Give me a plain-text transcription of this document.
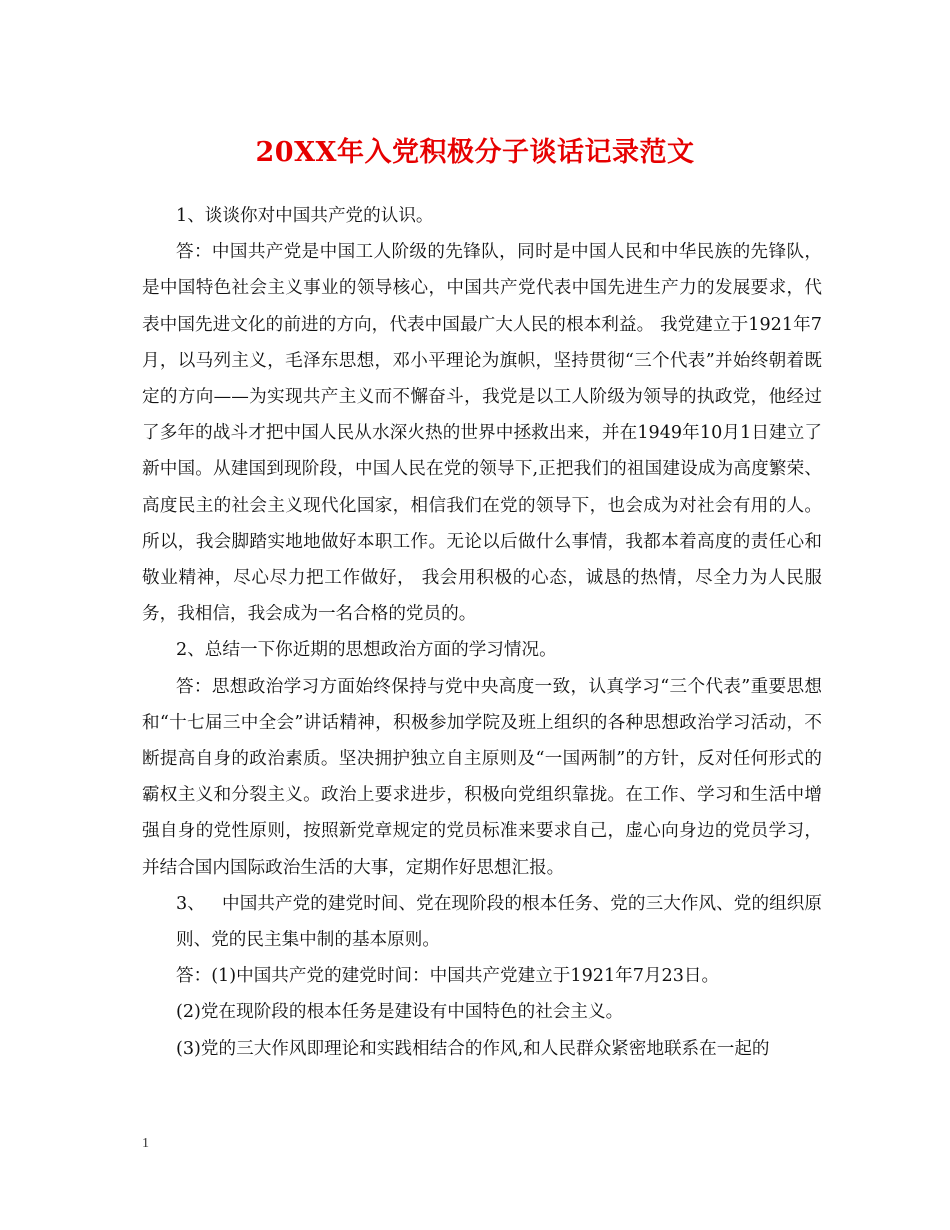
20XX年入党积极分子谈话记录范文

1、谈谈你对中国共产党的认识。

答：中国共产党是中国工人阶级的先锋队，同时是中国人民和中华民族的先锋队，是中国特色社会主义事业的领导核心，中国共产党代表中国先进生产力的发展要求，代表中国先进文化的前进的方向，代表中国最广大人民的根本利益。 我党建立于1921年7月，以马列主义，毛泽东思想，邓小平理论为旗帜，坚持贯彻“三个代表”并始终朝着既定的方向——为实现共产主义而不懈奋斗，我党是以工人阶级为领导的执政党，他经过了多年的战斗才把中国人民从水深火热的世界中拯救出来，并在1949年10月1日建立了新中国。从建国到现阶段，中国人民在党的领导下,正把我们的祖国建设成为高度繁荣、高度民主的社会主义现代化国家，相信我们在党的领导下，也会成为对社会有用的人。所以，我会脚踏实地地做好本职工作。无论以后做什么事情，我都本着高度的责任心和敬业精神，尽心尽力把工作做好， 我会用积极的心态，诚恳的热情，尽全力为人民服务，我相信，我会成为一名合格的党员的。

2、总结一下你近期的思想政治方面的学习情况。

答：思想政治学习方面始终保持与党中央高度一致，认真学习“三个代表”重要思想和“十七届三中全会”讲话精神，积极参加学院及班上组织的各种思想政治学习活动，不断提高自身的政治素质。坚决拥护独立自主原则及“一国两制”的方针，反对任何形式的霸权主义和分裂主义。政治上要求进步，积极向党组织靠拢。在工作、学习和生活中增强自身的党性原则，按照新党章规定的党员标准来要求自己，虚心向身边的党员学习，并结合国内国际政治生活的大事，定期作好思想汇报。

3、 中国共产党的建党时间、党在现阶段的根本任务、党的三大作风、党的组织原则、党的民主集中制的基本原则。

答：(1)中国共产党的建党时间：中国共产党建立于1921年7月23日。

(2)党在现阶段的根本任务是建设有中国特色的社会主义。

(3)党的三大作风即理论和实践相结合的作风,和人民群众紧密地联系在一起的

1
